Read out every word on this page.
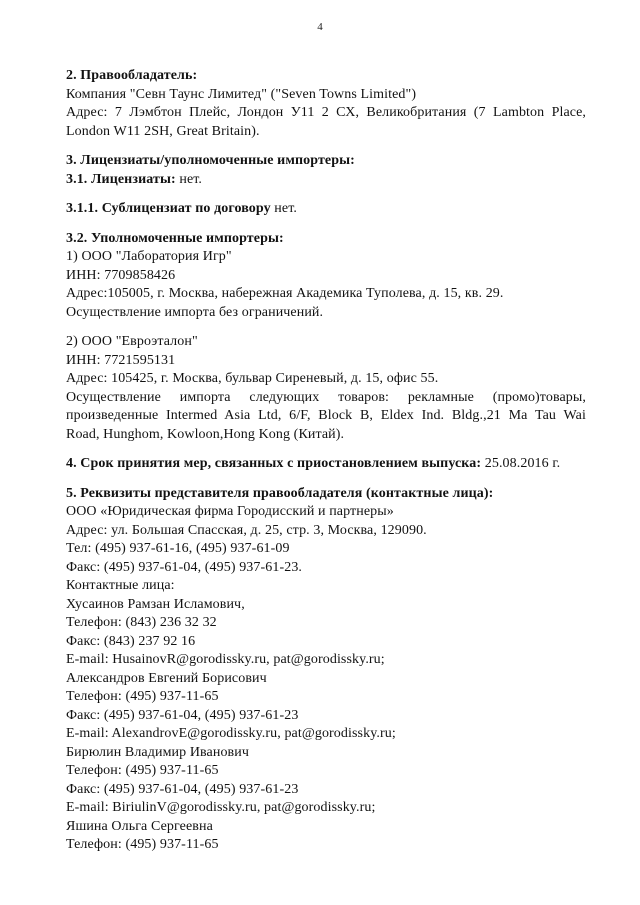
4
2. Правообладатель:
Компания "Севн Таунс Лимитед" ("Seven Towns Limited")
Адрес: 7 Лэмбтон Плейс, Лондон У11 2 СХ, Великобритания (7 Lambton Place,
London W11 2SH, Great Britain).
3. Лицензиаты/уполномоченные импортеры:
3.1. Лицензиаты: нет.
3.1.1. Сублицензиат по договору нет.
3.2. Уполномоченные импортеры:
1) ООО "Лаборатория Игр"
ИНН: 7709858426
Адрес:105005, г. Москва, набережная Академика Туполева, д. 15, кв. 29.
Осуществление импорта без ограничений.
2) ООО "Евроэталон"
ИНН: 7721595131
Адрес: 105425, г. Москва, бульвар Сиреневый, д. 15, офис 55.
Осуществление импорта следующих товаров: рекламные (промо)товары,
произведенные Intermed Asia Ltd, 6/F, Block B, Eldex Ind. Bldg.,21 Ma Tau Wai
Road, Hunghom, Kowloon,Hong Kong (Китай).
4. Срок принятия мер, связанных с приостановлением выпуска: 25.08.2016 г.
5. Реквизиты представителя правообладателя (контактные лица):
ООО «Юридическая фирма Городисский и партнеры»
Адрес: ул. Большая Спасская, д. 25, стр. 3, Москва, 129090.
Тел: (495) 937-61-16, (495) 937-61-09
Факс: (495) 937-61-04, (495) 937-61-23.
Контактные лица:
Хусаинов Рамзан Исламович,
Телефон: (843) 236 32 32
Факс: (843) 237 92 16
E-mail: HusainovR@gorodissky.ru, pat@gorodissky.ru;
Александров Евгений Борисович
Телефон: (495) 937-11-65
Факс: (495) 937-61-04, (495) 937-61-23
E-mail: AlexandrovE@gorodissky.ru, pat@gorodissky.ru;
Бирюлин Владимир Иванович
Телефон: (495) 937-11-65
Факс: (495) 937-61-04, (495) 937-61-23
E-mail: BiriulinV@gorodissky.ru, pat@gorodissky.ru;
Яшина Ольга Сергеевна
Телефон: (495) 937-11-65
